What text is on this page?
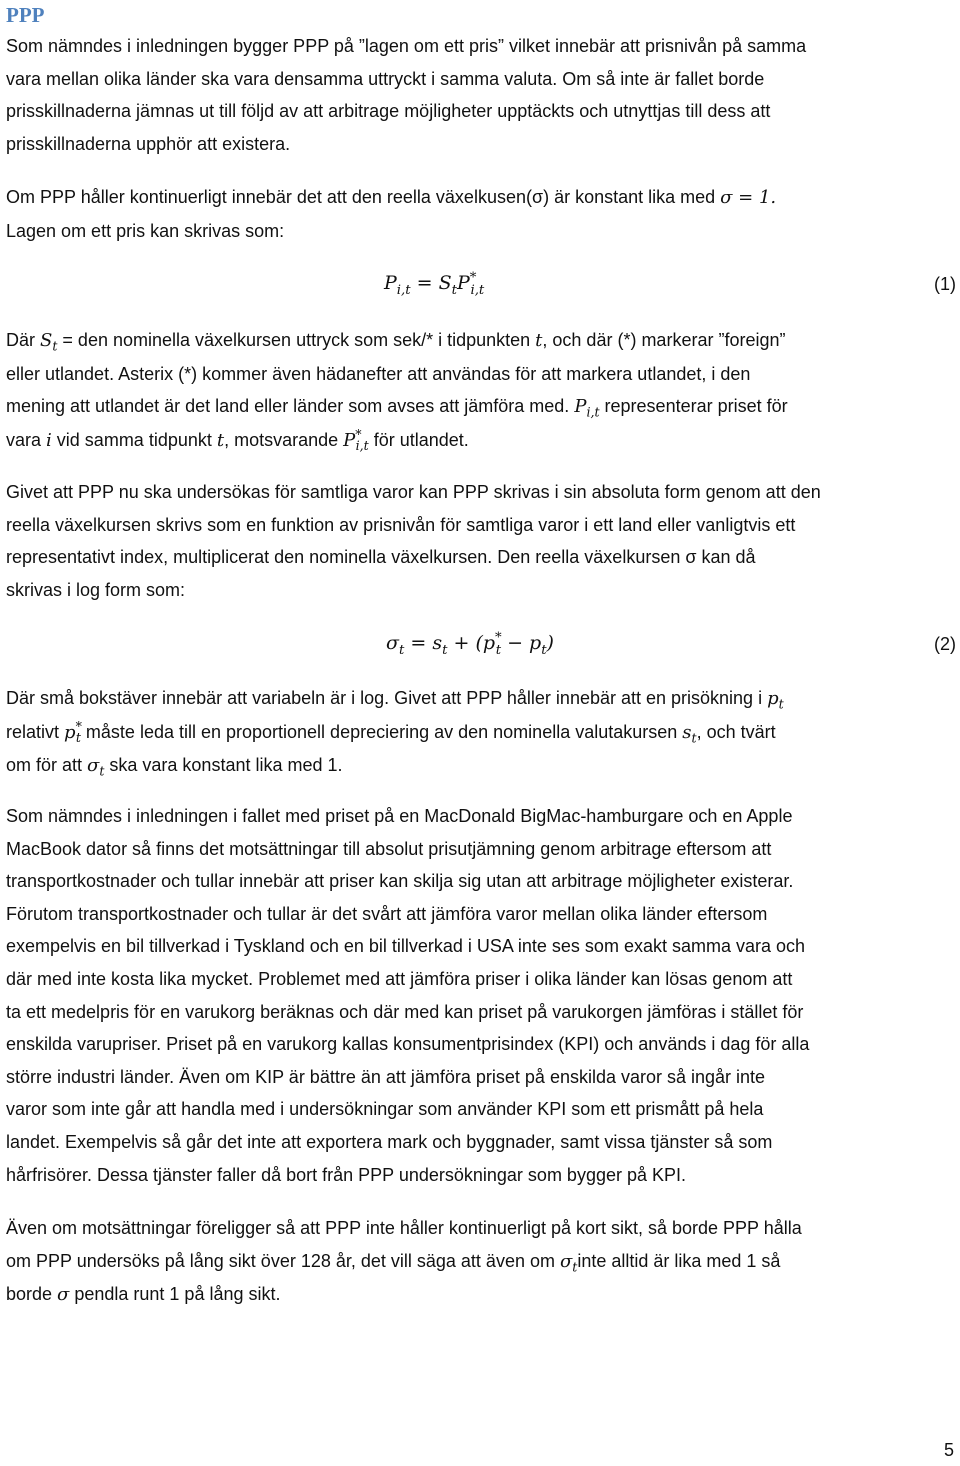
PPP
Som nämndes i inledningen bygger PPP på ”lagen om ett pris” vilket innebär att prisnivån på samma
vara mellan olika länder ska vara densamma uttryckt i samma valuta. Om så inte är fallet borde
prisskillnaderna jämnas ut till följd av att arbitrage möjligheter upptäckts och utnyttjas till dess att
prisskillnaderna upphör att existera.
Om PPP håller kontinuerligt innebär det att den reella växelkusen(σ) är konstant lika med σ = 1.
Lagen om ett pris kan skrivas som:
$P_{i,t} = S_tP^*_{i,t}$	(1)
Där $S_t$ = den nominella växelkursen uttryck som sek/* i tidpunkten t, och där (*) markerar ”foreign”
eller utlandet. Asterix (*) kommer även hädanefter att användas för att markera utlandet, i den
mening att utlandet är det land eller länder som avses att jämföra med. $P_{i,t}$ representerar priset för
vara i vid samma tidpunkt t, motsvarande $P^*_{i,t}$ för utlandet.
Givet att PPP nu ska undersökas för samtliga varor kan PPP skrivas i sin absoluta form genom att den
reella växelkursen skrivs som en funktion av prisnivån för samtliga varor i ett land eller vanligtvis ett
representativt index, multiplicerat den nominella växelkursen. Den reella växelkursen σ kan då
skrivas i log form som:
$\sigma_t = s_t + (p^*_t - p_t)$	(2)
Där små bokstäver innebär att variabeln är i log. Givet att PPP håller innebär att en prisökning i $p_t$
relativt $p^*_t$ måste leda till en proportionell depreciering av den nominella valutakursen $s_t$, och tvärt
om för att $\sigma_t$ ska vara konstant lika med 1.
Som nämndes i inledningen i fallet med priset på en MacDonald BigMac-hamburgare och en Apple
MacBook dator så finns det motsättningar till absolut prisutjämning genom arbitrage eftersom att
transportkostnader och tullar innebär att priser kan skilja sig utan att arbitrage möjligheter existerar.
Förutom transportkostnader och tullar är det svårt att jämföra varor mellan olika länder eftersom
exempelvis en bil tillverkad i Tyskland och en bil tillverkad i USA inte ses som exakt samma vara och
där med inte kosta lika mycket. Problemet med att jämföra priser i olika länder kan lösas genom att
ta ett medelpris för en varukorg beräknas och där med kan priset på varukorgen jämföras i stället för
enskilda varupriser. Priset på en varukorg kallas konsumentprisindex (KPI) och används i dag för alla
större industri länder. Även om KIP är bättre än att jämföra priset på enskilda varor så ingår inte
varor som inte går att handla med i undersökningar som använder KPI som ett prismått på hela
landet. Exempelvis så går det inte att exportera mark och byggnader, samt vissa tjänster så som
hårfrisörer. Dessa tjänster faller då bort från PPP undersökningar som bygger på KPI.
Även om motsättningar föreligger så att PPP inte håller kontinuerligt på kort sikt, så borde PPP hålla
om PPP undersöks på lång sikt över 128 år, det vill säga att även om $\sigma_tinte$ alltid är lika med 1 så
borde σ pendla runt 1 på lång sikt.
5
